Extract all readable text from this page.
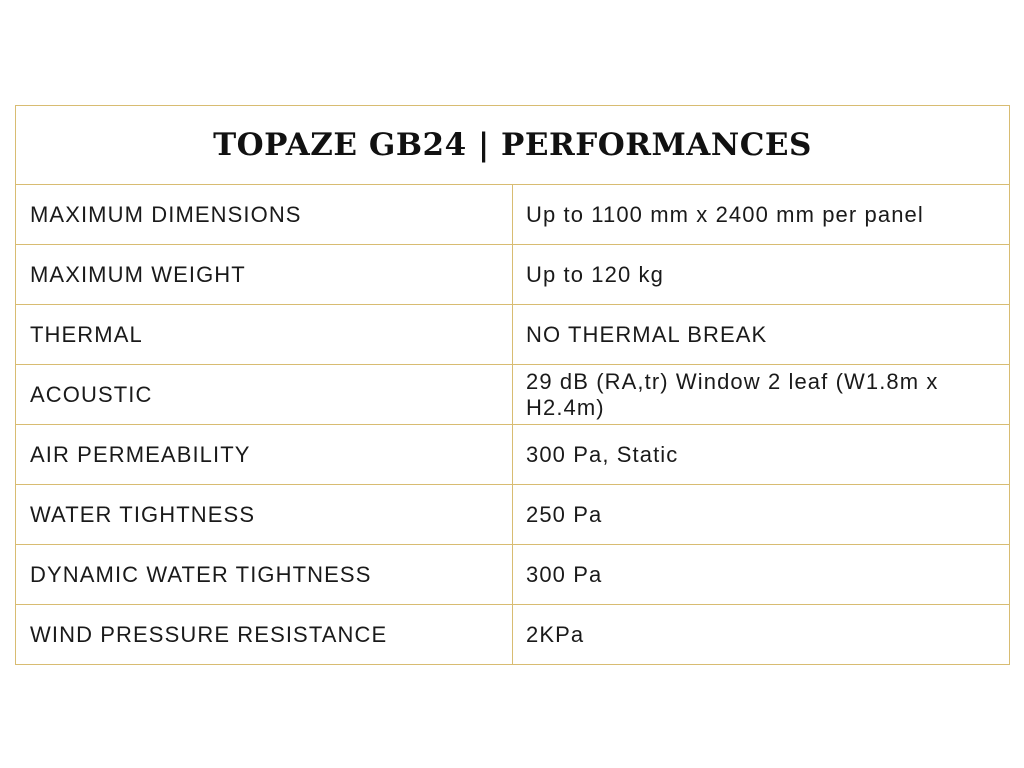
TOPAZE GB24 | PERFORMANCES	
MAXIMUM DIMENSIONS	Up to 1100 mm x 2400 mm per panel
MAXIMUM WEIGHT	Up to 120 kg
THERMAL	NO THERMAL BREAK
ACOUSTIC	29 dB (RA,tr) Window 2 leaf (W1.8m x H2.4m)
AIR PERMEABILITY	300 Pa, Static
WATER TIGHTNESS	250 Pa
DYNAMIC WATER TIGHTNESS	300 Pa
WIND PRESSURE RESISTANCE	2KPa
